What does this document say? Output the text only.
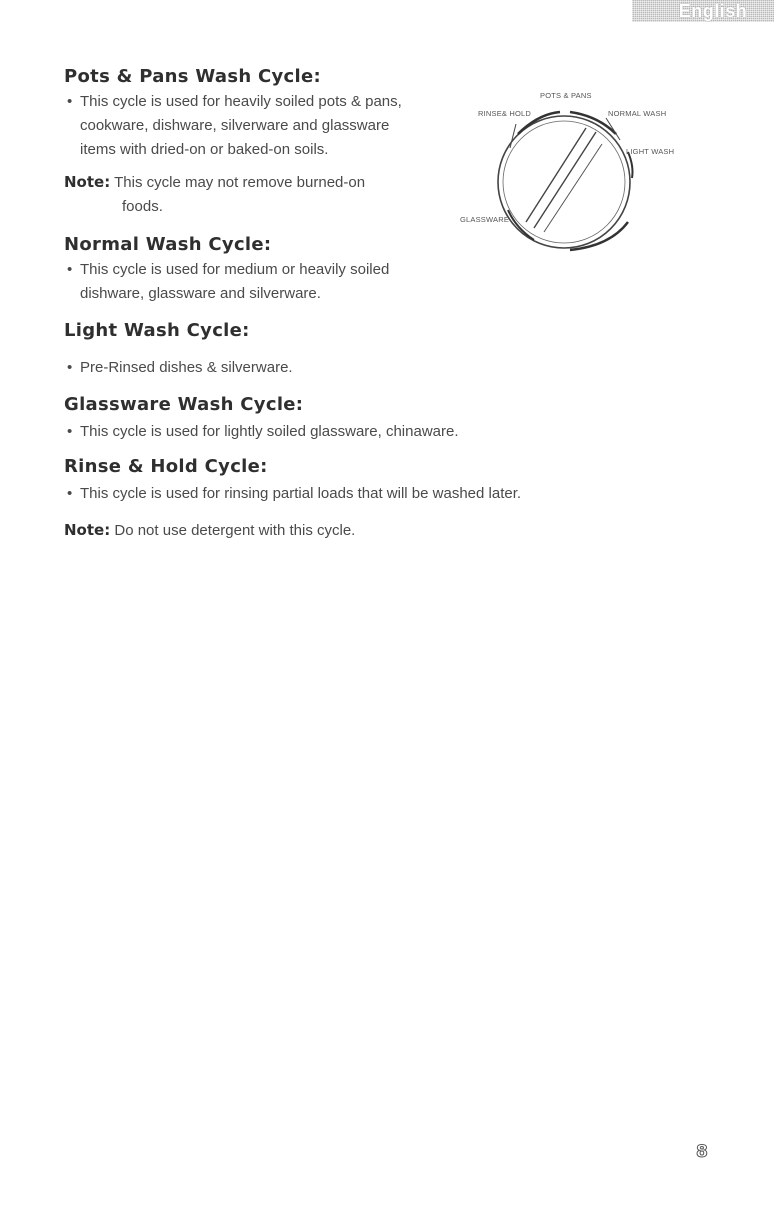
English

Pots & Pans Wash Cycle:

• This cycle is used for heavily soiled pots & pans,
cookware, dishware, silverware and glassware
items with dried-on or baked-on soils.
Note: This cycle may not remove burned-on
foods.

Normal Wash Cycle:

• This cycle is used for medium or heavily soiled
dishware, glassware and silverware.

Light Wash Cycle:

• Pre-Rinsed dishes & silverware.

Glassware Wash Cycle:

• This cycle is used for lightly soiled glassware, chinaware.

Rinse & Hold Cycle:

• This cycle is used for rinsing partial loads that will be washed later.
Note: Do not use detergent with this cycle.
POTS & PANS
RINSE& HOLD	NORMAL WASH
LIGHT WASH
GLASSWARE
8
